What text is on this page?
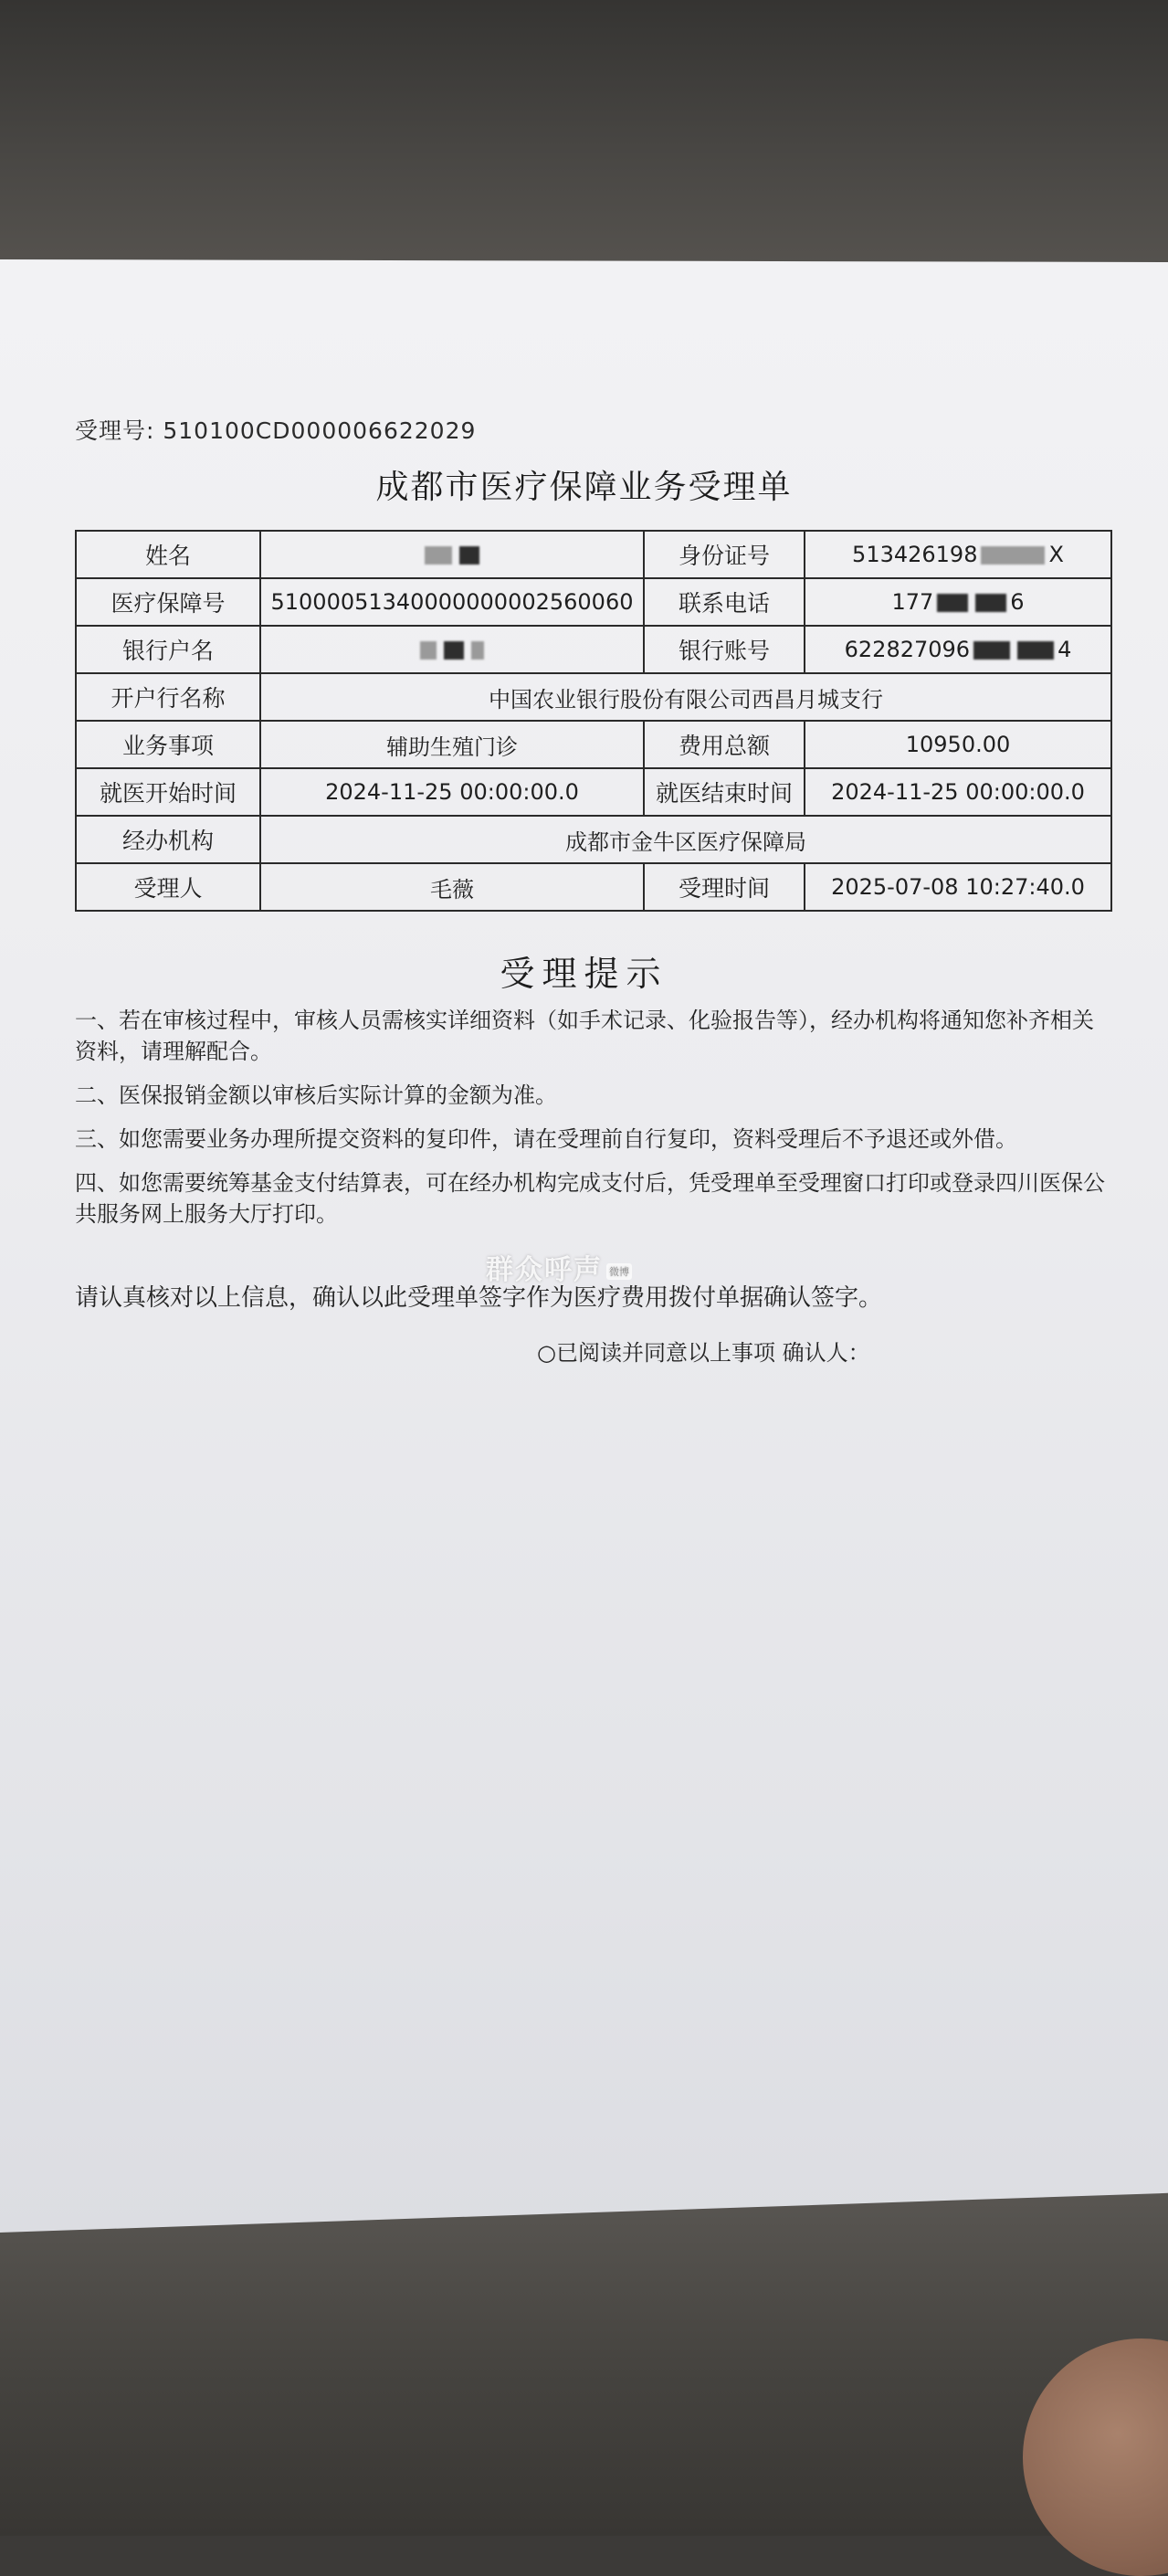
受理号: 510100CD000006622029
成都市医疗保障业务受理单
姓名		身份证号	513426198 X
医疗保障号	51000051340000000002560060	联系电话	177 6
银行户名		银行账号	622827096 4
开户行名称	中国农业银行股份有限公司西昌月城支行		
业务事项	辅助生殖门诊	费用总额	10950.00
就医开始时间	2024-11-25 00:00:00.0	就医结束时间	2024-11-25 00:00:00.0
经办机构	成都市金牛区医疗保障局		
受理人	毛薇	受理时间	2025-07-08 10:27:40.0
受理提示

一、若在审核过程中，审核人员需核实详细资料（如手术记录、化验报告等），经办机构将通知您补齐相关资料，请理解配合。

二、医保报销金额以审核后实际计算的金额为准。

三、如您需要业务办理所提交资料的复印件，请在受理前自行复印，资料受理后不予退还或外借。

四、如您需要统筹基金支付结算表，可在经办机构完成支付后，凭受理单至受理窗口打印或登录四川医保公共服务网上服务大厅打印。

群众呼声 微博
请认真核对以上信息，确认以此受理单签字作为医疗费用拨付单据确认签字。
○已阅读并同意以上事项 确认人：
